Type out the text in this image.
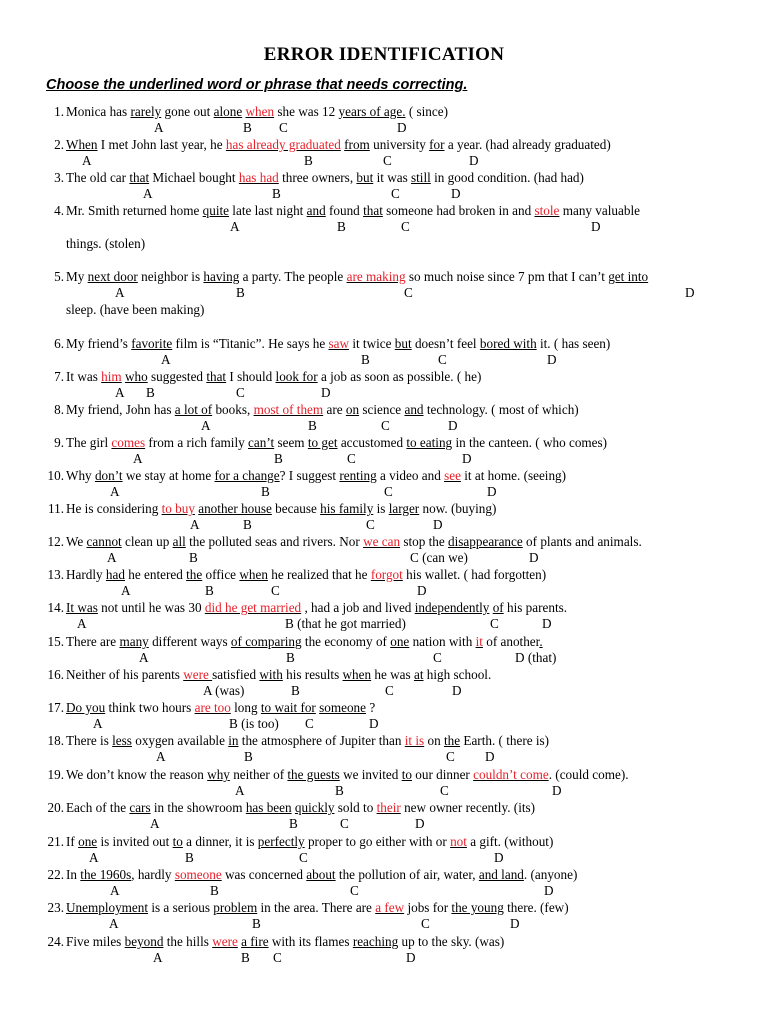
ERROR IDENTIFICATION
Choose the underlined word or phrase that needs correcting.
1. Monica has rarely gone out alone when she was 12 years of age. ( since)
A	B C	D
2. When I met John last year, he has already graduated from university for a year. (had already graduated)
A	B	C	D
3. The old car that Michael bought has had three owners, but it was still in good condition. (had had)
A	B	C	D
4. Mr. Smith returned home quite late last night and found that someone had broken in and stole many valuable
things. (stolen)
A	B	C	D
5. My next door neighbor is having a party. The people are making so much noise since 7 pm that I can’t get into
sleep. (have been making)
A	B	C	D
6. My friend’s favorite film is “Titanic”. He says he saw it twice but doesn’t feel bored with it. ( has seen)
A	B	C	D
7. It was him who suggested that I should look for a job as soon as possible. ( he)
A B	C	D
8. My friend, John has a lot of books, most of them are on science and technology. ( most of which)
A	B	C	D
9. The girl comes from a rich family can’t seem to get accustomed to eating in the canteen. ( who comes)
A	B	C	D
10. Why don’t we stay at home for a change? I suggest renting a video and see it at home. (seeing)
A	B	C	D
11. He is considering to buy another house because his family is larger now. (buying)
A	B	C	D
12. We cannot clean up all the polluted seas and rivers. Nor we can stop the disappearance of plants and animals.
A	B	C (can we)	D
13. Hardly had he entered the office when he realized that he forgot his wallet. ( had forgotten)
A	B	C	D
14. It was not until he was 30 did he get married , had a job and lived independently of his parents.
A	B (that he got married)	C	D
15. There are many different ways of comparing the economy of one nation with it of another.
A	B	C	D (that)
16. Neither of his parents were satisfied with his results when he was at high school.
A (was)	B	C	D
17. Do you think two hours are too long to wait for someone ?
A	B (is too) C	D
18. There is less oxygen available in the atmosphere of Jupiter than it is on the Earth. ( there is)
A	B	C D
19. We don’t know the reason why neither of the guests we invited to our dinner couldn’t come. (could come).
A	B	C	D
20. Each of the cars in the showroom has been quickly sold to their new owner recently. (its)
A	B	C	D
21. If one is invited out to a dinner, it is perfectly proper to go either with or not a gift. (without)
A	B	C	D
22. In the 1960s, hardly someone was concerned about the pollution of air, water, and land. (anyone)
A	B	C	D
23. Unemployment is a serious problem in the area. There are a few jobs for the young there. (few)
A	B	C	D
24. Five miles beyond the hills were a fire with its flames reaching up to the sky. (was)
A	B C	D
